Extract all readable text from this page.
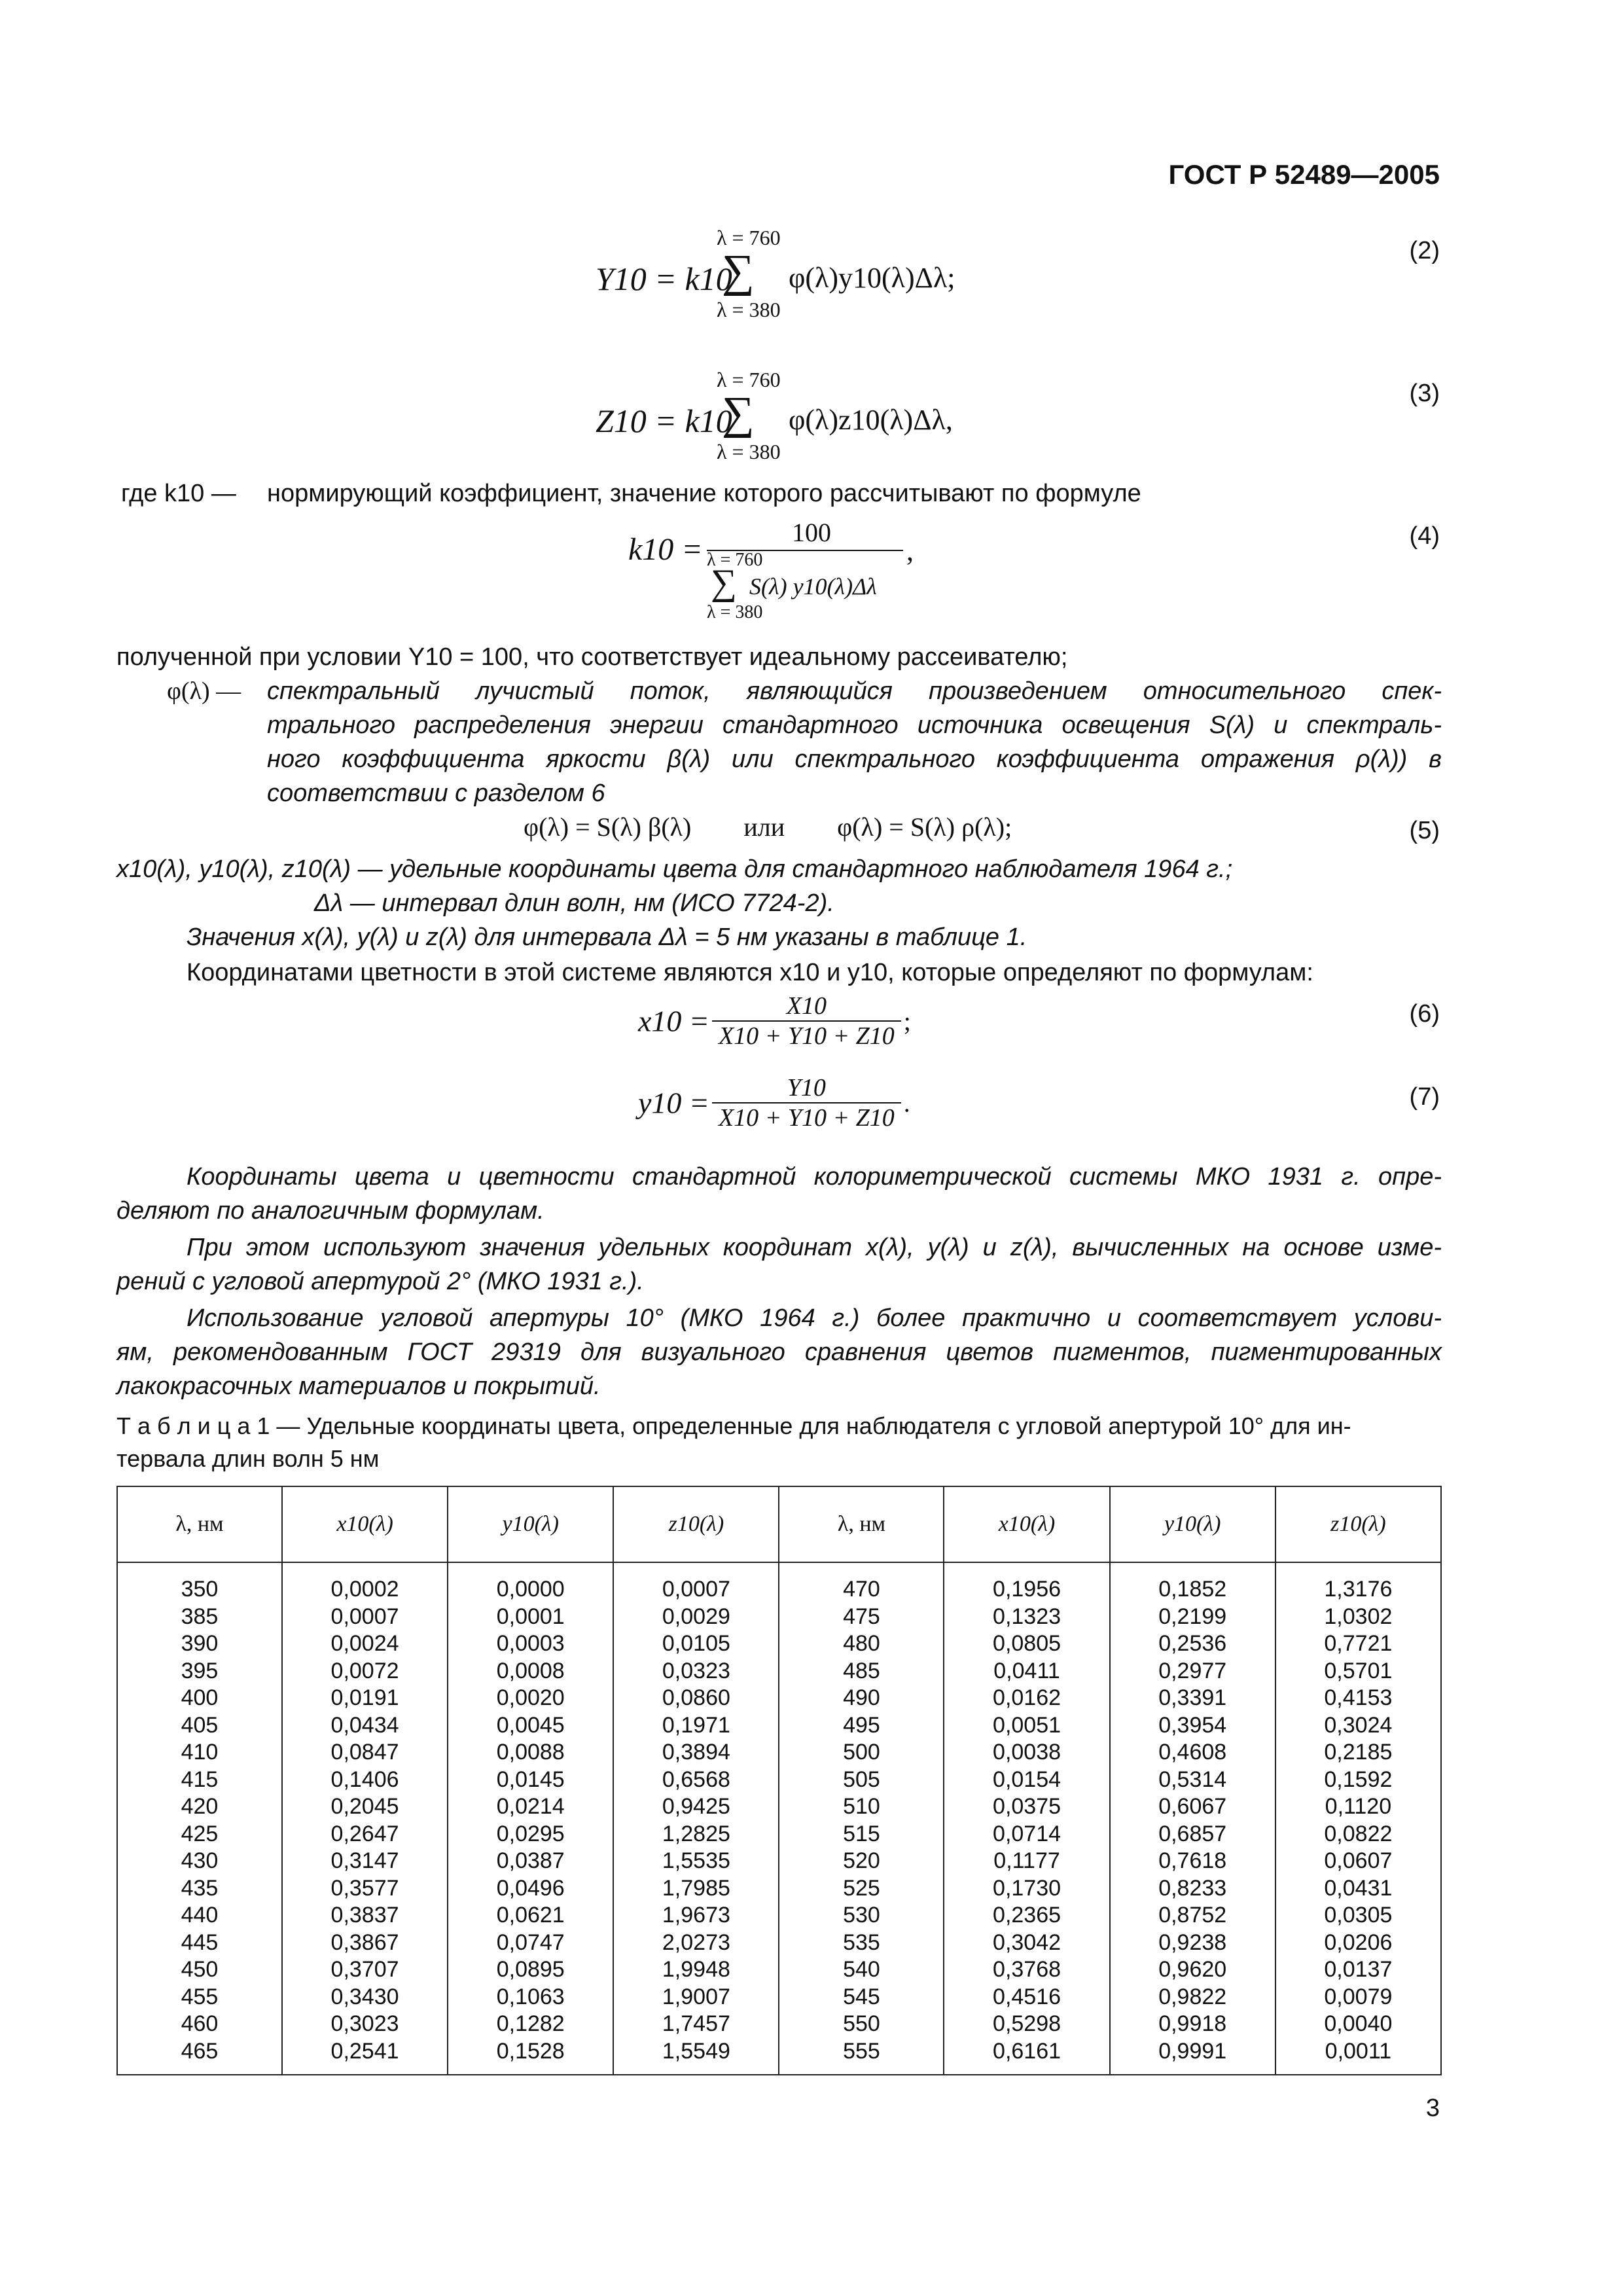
ГОСТ Р 52489—2005
Y10 = k10
λ = 760
∑
λ = 380
φ(λ)y10(λ)Δλ;
(2)
Z10 = k10
λ = 760
∑
λ = 380
φ(λ)z10(λ)Δλ,
(3)
где k10 — нормирующий коэффициент, значение которого рассчитывают по формуле
k10 =	100
λ = 760
∑ S(λ) y10(λ)Δλ
λ = 380
,	(4)
полученной при условии Y10 = 100, что соответствует идеальному рассеивателю;
φ(λ) — спектральный лучистый поток, являющийся произведением относительного спек-
трального распределения энергии стандартного источника освещения S(λ) и спектраль-
ного коэффициента яркости β(λ) или спектрального коэффициента отражения ρ(λ)) в
соответствии с разделом 6
φ(λ) = S(λ) β(λ) или φ(λ) = S(λ) ρ(λ);	(5)
x10(λ), y10(λ), z10(λ) — удельные координаты цвета для стандартного наблюдателя 1964 г.;
Δλ — интервал длин волн, нм (ИСО 7724-2).
Значения x(λ), y(λ) и z(λ) для интервала Δλ = 5 нм указаны в таблице 1.
Координатами цветности в этой системе являются x10 и y10, которые определяют по формулам:
$x10 = \frac{X10}{X10 + Y10 + Z10}$ ;	(6)
$y10 = \frac{Y10}{X10 + Y10 + Z10}$ .	(7)
Координаты цвета и цветности стандартной колориметрической системы МКО 1931 г. опре-
деляют по аналогичным формулам.
При этом используют значения удельных координат x(λ), y(λ) и z(λ), вычисленных на основе изме-
рений с угловой апертурой 2° (МКО 1931 г.).
Использование угловой апертуры 10° (МКО 1964 г.) более практично и соответствует услови-
ям, рекомендованным ГОСТ 29319 для визуального сравнения цветов пигментов, пигментированных
лакокрасочных материалов и покрытий.
Т а б л и ц а 1 — Удельные координаты цвета, определенные для наблюдателя с угловой апертурой 10° для ин-
тервала длин волн 5 нм
λ, нм	x10(λ)	y10(λ)	z10(λ)	λ, нм	x10(λ)	y10(λ)	z10(λ)
350	0,0002	0,0000	0,0007	470	0,1956	0,1852	1,3176
385	0,0007	0,0001	0,0029	475	0,1323	0,2199	1,0302
390	0,0024	0,0003	0,0105	480	0,0805	0,2536	0,7721
395	0,0072	0,0008	0,0323	485	0,0411	0,2977	0,5701
400	0,0191	0,0020	0,0860	490	0,0162	0,3391	0,4153
405	0,0434	0,0045	0,1971	495	0,0051	0,3954	0,3024
410	0,0847	0,0088	0,3894	500	0,0038	0,4608	0,2185
415	0,1406	0,0145	0,6568	505	0,0154	0,5314	0,1592
420	0,2045	0,0214	0,9425	510	0,0375	0,6067	0,1120
425	0,2647	0,0295	1,2825	515	0,0714	0,6857	0,0822
430	0,3147	0,0387	1,5535	520	0,1177	0,7618	0,0607
435	0,3577	0,0496	1,7985	525	0,1730	0,8233	0,0431
440	0,3837	0,0621	1,9673	530	0,2365	0,8752	0,0305
445	0,3867	0,0747	2,0273	535	0,3042	0,9238	0,0206
450	0,3707	0,0895	1,9948	540	0,3768	0,9620	0,0137
455	0,3430	0,1063	1,9007	545	0,4516	0,9822	0,0079
460	0,3023	0,1282	1,7457	550	0,5298	0,9918	0,0040
465	0,2541	0,1528	1,5549	555	0,6161	0,9991	0,0011
3
